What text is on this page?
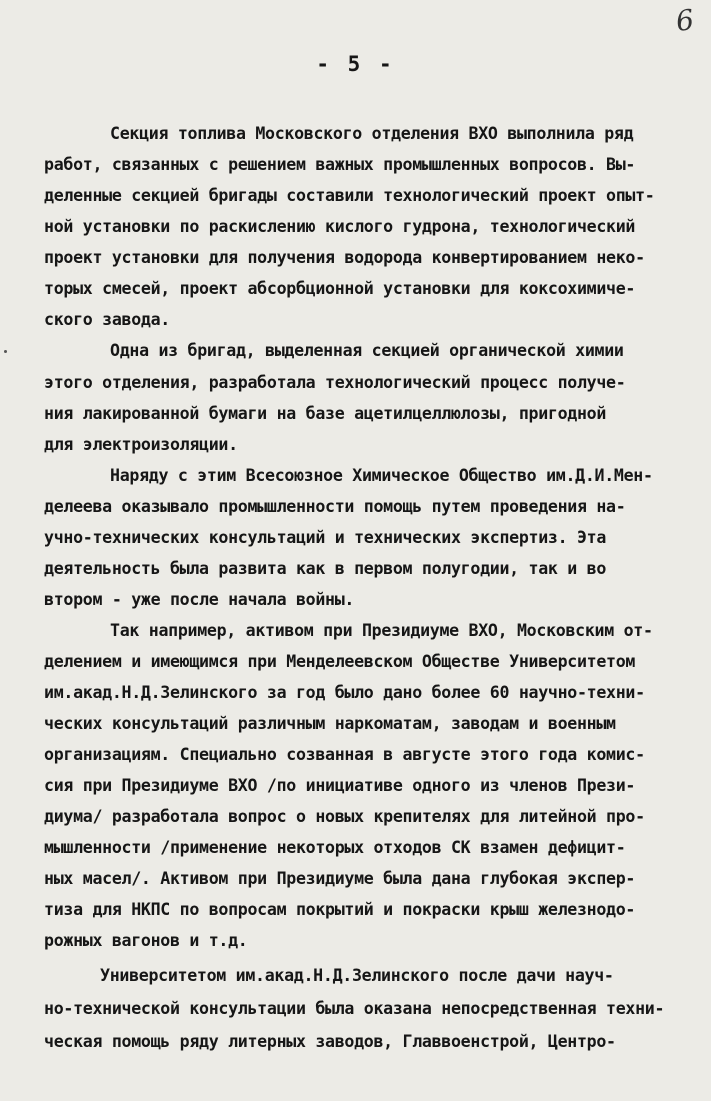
6
- 5 -
Секция топлива Московского отделения ВХО выполнила ряд
работ, связанных с решением важных промышленных вопросов. Вы-
деленные секцией бригады составили технологический проект опыт-
ной установки по раскислению кислого гудрона, технологический
проект установки для получения водорода конвертированием неко-
торых смесей, проект абсорбционной установки для коксохимиче-
ского завода.
Одна из бригад, выделенная секцией органической химии
этого отделения, разработала технологический процесс получе-
ния лакированной бумаги на базе ацетилцеллюлозы, пригодной
для электроизоляции.
Наряду с этим Всесоюзное Химическое Общество им.Д.И.Мен-
делеева оказывало промышленности помощь путем проведения на-
учно-технических консультаций и технических экспертиз. Эта
деятельность была развита как в первом полугодии, так и во
втором - уже после начала войны.
Так например, активом при Президиуме ВХО, Московским от-
делением и имеющимся при Менделеевском Обществе Университетом
им.акад.Н.Д.Зелинского за год было дано более 60 научно-техни-
ческих консультаций различным наркоматам, заводам и военным
организациям. Специально созванная в августе этого года комис-
сия при Президиуме ВХО /по инициативе одного из членов Прези-
диума/ разработала вопрос о новых крепителях для литейной про-
мышленности /применение некоторых отходов СК взамен дефицит-
ных масел/. Активом при Президиуме была дана глубокая экспер-
тиза для НКПС по вопросам покрытий и покраски крыш железнодо-
рожных вагонов и т.д.
Университетом им.акад.Н.Д.Зелинского после дачи науч-
но-технической консультации была оказана непосредственная техни-
ческая помощь ряду литерных заводов, Главвоенстрой, Центро-
